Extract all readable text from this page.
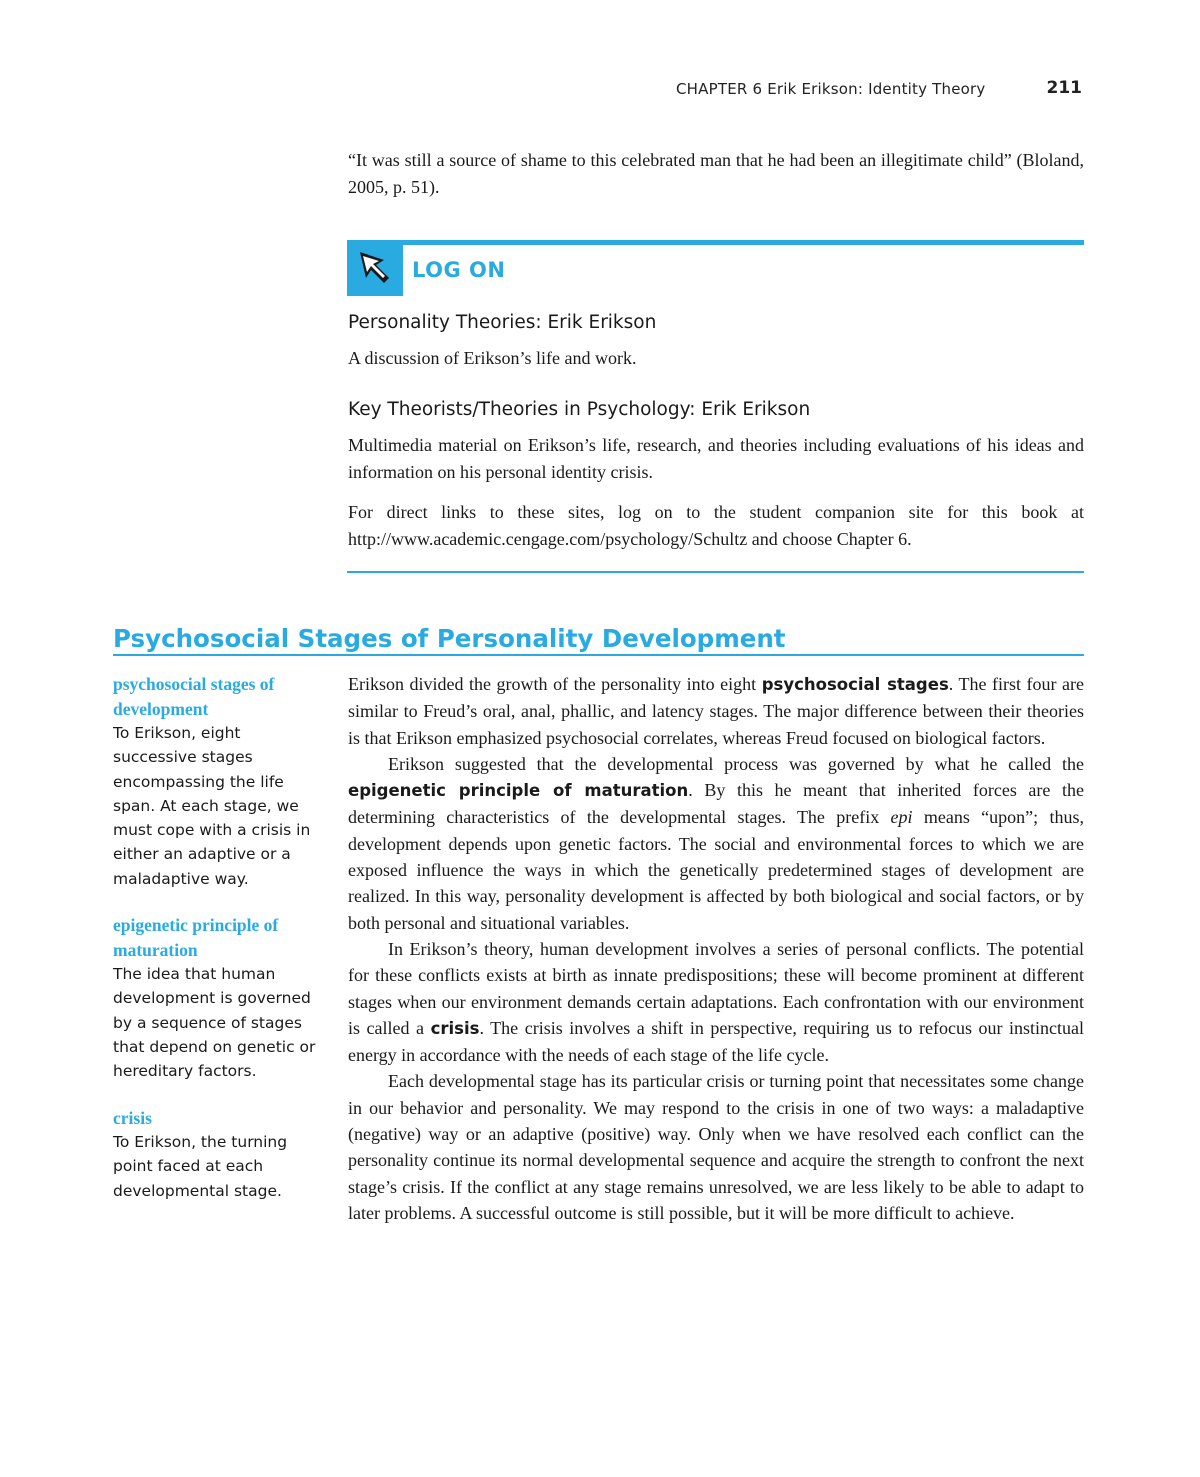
CHAPTER 6 Erik Erikson: Identity Theory	211
“It was still a source of shame to this celebrated man that he had been an illegitimate child” (Bloland, 2005, p. 51).
LOG ON
Personality Theories: Erik Erikson
A discussion of Erikson’s life and work.
Key Theorists/Theories in Psychology: Erik Erikson
Multimedia material on Erikson’s life, research, and theories including evaluations of his ideas and information on his personal identity crisis.
For direct links to these sites, log on to the student companion site for this book at http://www.academic.cengage.com/psychology/Schultz and choose Chapter 6.
Psychosocial Stages of Personality Development
psychosocial stages of development
To Erikson, eight successive stages encompassing the life span. At each stage, we must cope with a crisis in either an adaptive or a maladaptive way.
epigenetic principle of maturation
The idea that human development is governed by a sequence of stages that depend on genetic or hereditary factors.
crisis
To Erikson, the turning point faced at each developmental stage.

Erikson divided the growth of the personality into eight psychosocial stages. The first four are similar to Freud’s oral, anal, phallic, and latency stages. The major difference between their theories is that Erikson emphasized psychosocial correlates, whereas Freud focused on biological factors.

Erikson suggested that the developmental process was governed by what he called the epigenetic principle of maturation. By this he meant that inherited forces are the determining characteristics of the developmental stages. The prefix epi means “upon”; thus, development depends upon genetic factors. The social and environmental forces to which we are exposed influence the ways in which the genetically predetermined stages of development are realized. In this way, personality development is affected by both biological and social factors, or by both personal and situational variables.

In Erikson’s theory, human development involves a series of personal conflicts. The potential for these conflicts exists at birth as innate predispositions; these will become prominent at different stages when our environment demands certain adaptations. Each confrontation with our environment is called a crisis. The crisis involves a shift in perspective, requiring us to refocus our instinctual energy in accordance with the needs of each stage of the life cycle.

Each developmental stage has its particular crisis or turning point that necessitates some change in our behavior and personality. We may respond to the crisis in one of two ways: a maladaptive (negative) way or an adaptive (positive) way. Only when we have resolved each conflict can the personality continue its normal developmental sequence and acquire the strength to confront the next stage’s crisis. If the conflict at any stage remains unresolved, we are less likely to be able to adapt to later problems. A successful outcome is still possible, but it will be more difficult to achieve.
